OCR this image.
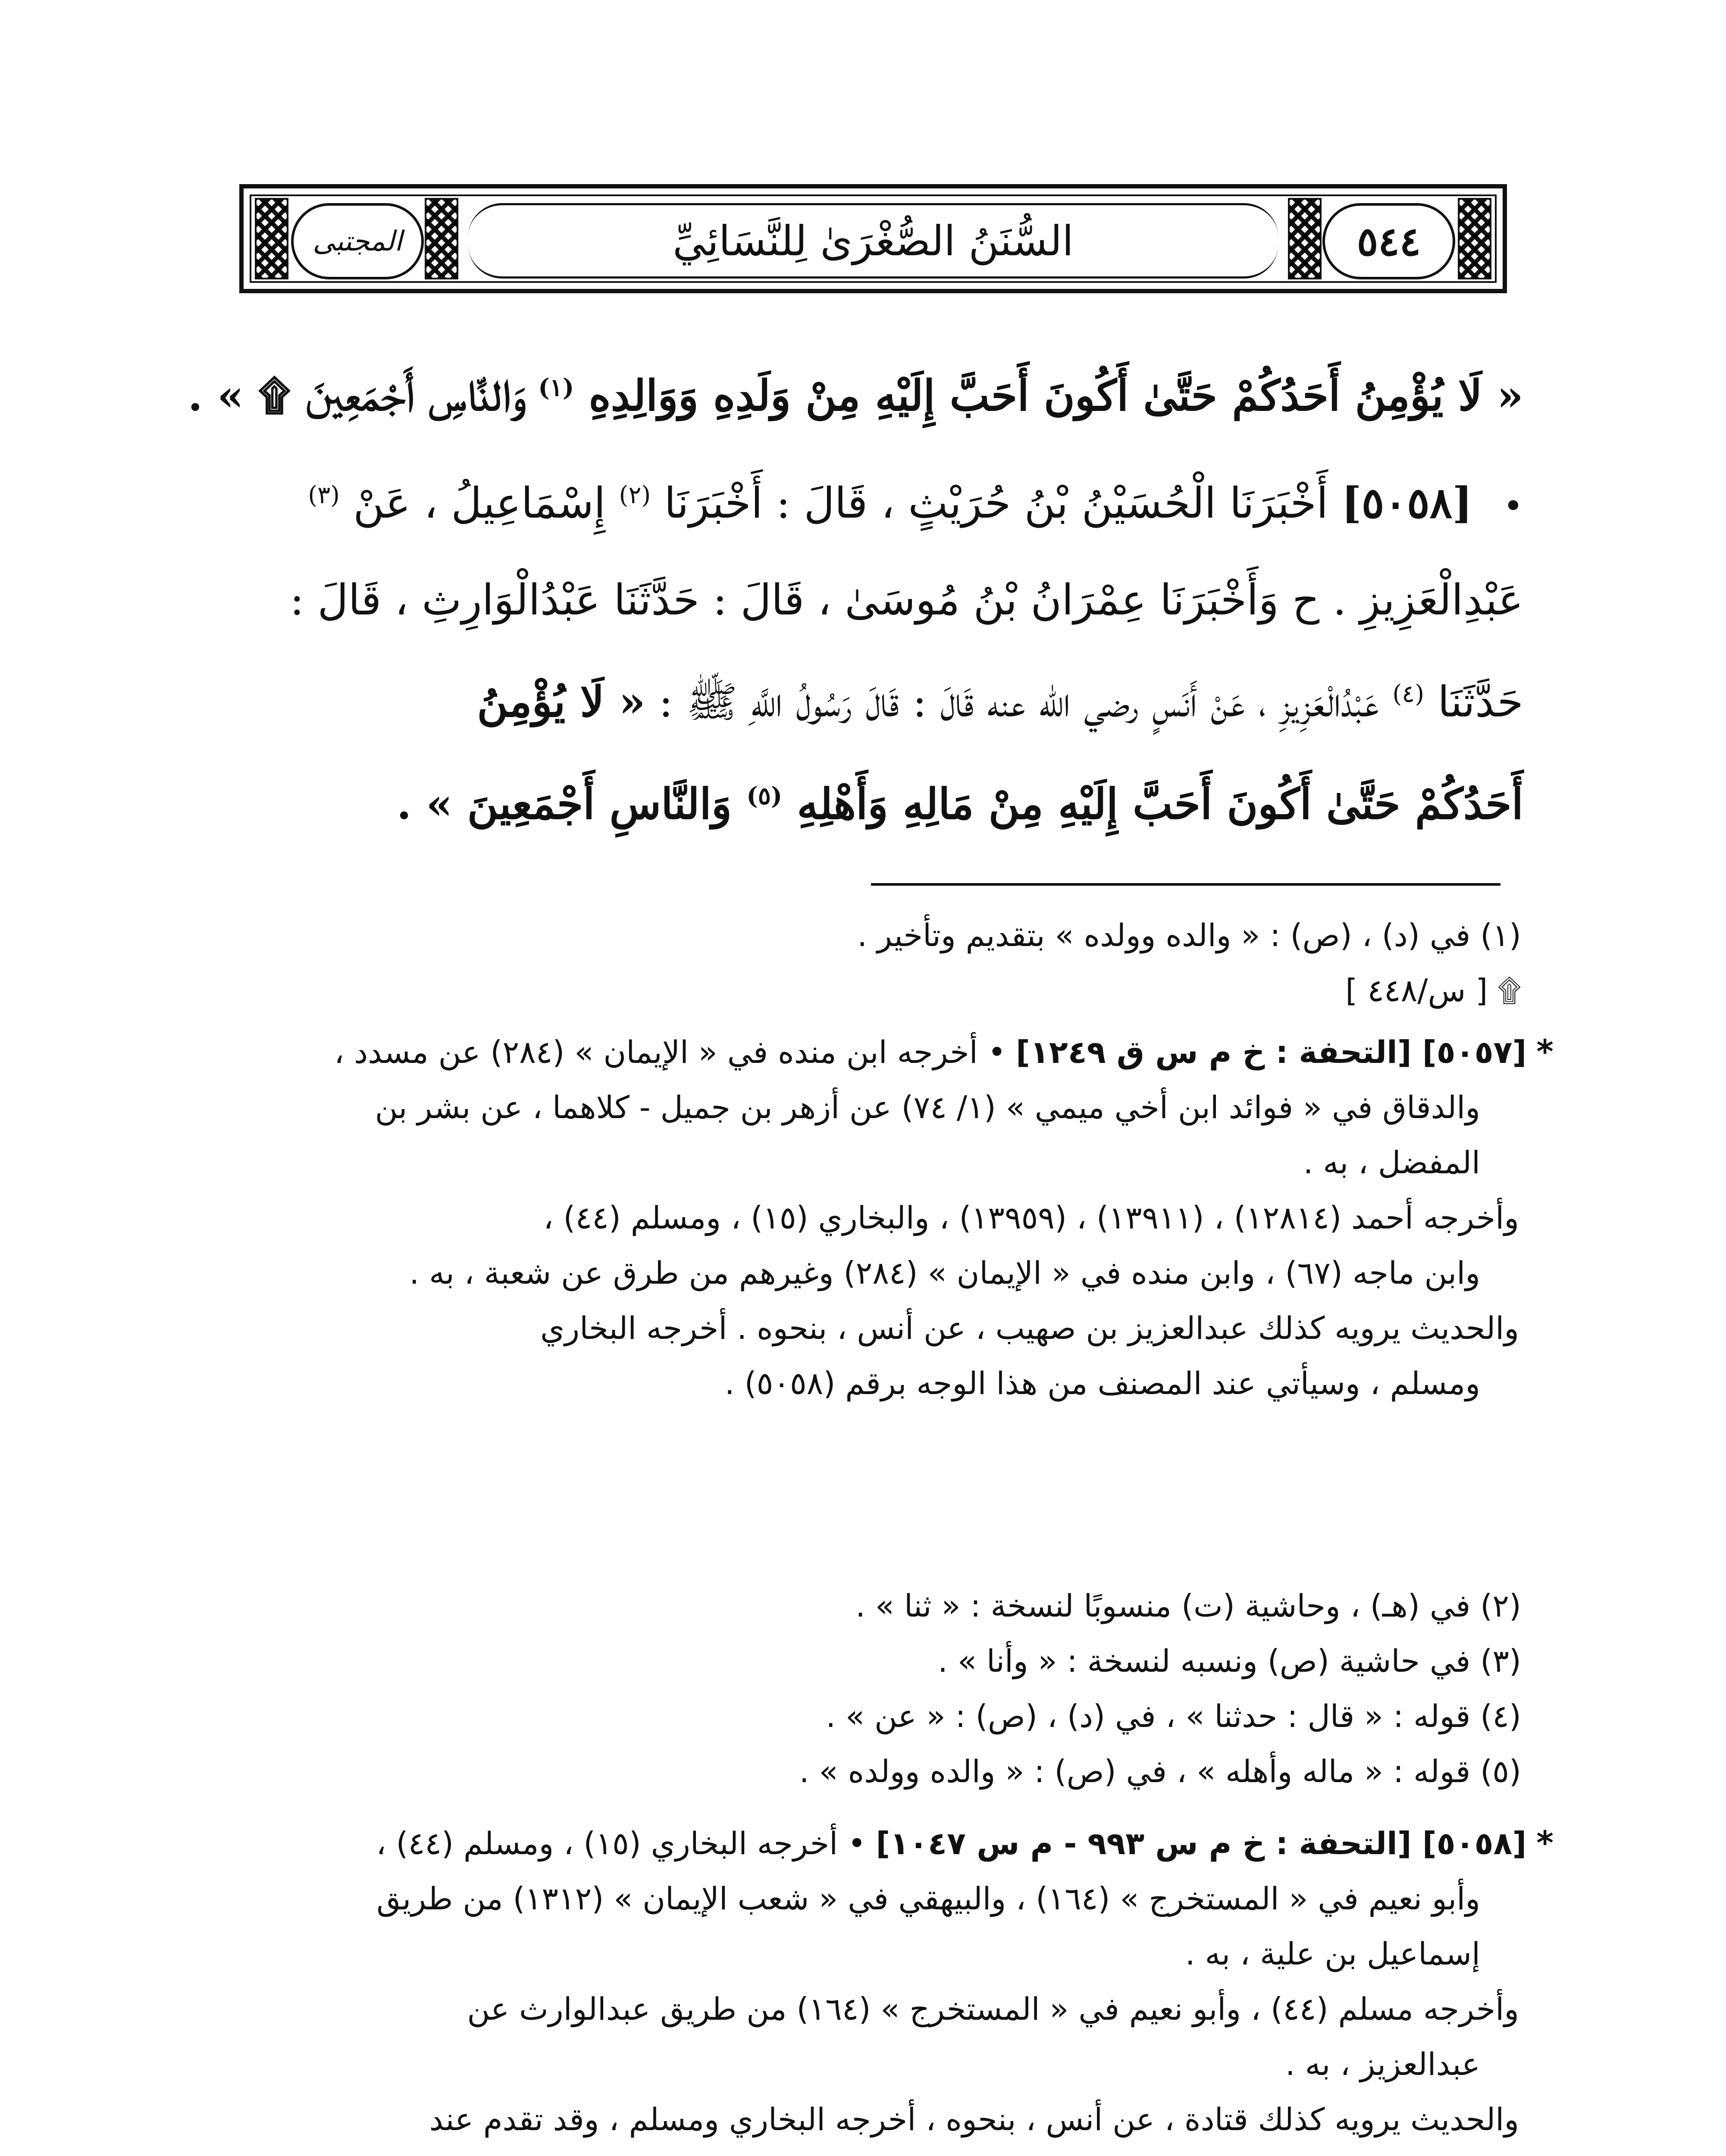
المجتبى	السُّنَنُ الصُّغْرَىٰ لِلنَّسَائِيِّ	٥٤٤
« لَا يُؤْمِنُ أَحَدُكُمْ حَتَّىٰ أَكُونَ أَحَبَّ إِلَيْهِ مِنْ وَلَدِهِ وَوَالِدِهِ $^{(١)}$ وَالنَّاسِ أَجْمَعِينَ ۩ » .
• [٥٠٥٨] أَخْبَرَنَا الْحُسَيْنُ بْنُ حُرَيْثٍ ، قَالَ : أَخْبَرَنَا $^{(٢)}$ إِسْمَاعِيلُ ، عَنْ $^{(٣)}$
عَبْدِالْعَزِيزِ . ح وَأَخْبَرَنَا عِمْرَانُ بْنُ مُوسَىٰ ، قَالَ : حَدَّثَنَا عَبْدُالْوَارِثِ ، قَالَ :
حَدَّثَنَا $^{(٤)}$ عَبْدُالْعَزِيزِ ، عَنْ أَنَسٍ رضي الله عنه قَالَ : قَالَ رَسُولُ اللَّهِ ﷺ : « لَا يُؤْمِنُ
أَحَدُكُمْ حَتَّىٰ أَكُونَ أَحَبَّ إِلَيْهِ مِنْ مَالِهِ وَأَهْلِهِ $^{(٥)}$ وَالنَّاسِ أَجْمَعِينَ » .
(١) في (د) ، (ص) : « والده وولده » بتقديم وتأخير .
۩ [ س/٤٤٨ ]
* [٥٠٥٧] [التحفة : خ م س ق ١٢٤٩] • أخرجه ابن منده في « الإيمان » (٢٨٤) عن مسدد ،
والدقاق في « فوائد ابن أخي ميمي » (١/ ٧٤) عن أزهر بن جميل - كلاهما ، عن بشر بن
المفضل ، به .
وأخرجه أحمد (١٢٨١٤) ، (١٣٩١١) ، (١٣٩٥٩) ، والبخاري (١٥) ، ومسلم (٤٤) ،
وابن ماجه (٦٧) ، وابن منده في « الإيمان » (٢٨٤) وغيرهم من طرق عن شعبة ، به .
والحديث يرويه كذلك عبدالعزيز بن صهيب ، عن أنس ، بنحوه . أخرجه البخاري
ومسلم ، وسيأتي عند المصنف من هذا الوجه برقم (٥٠٥٨) .
(٢) في (هـ) ، وحاشية (ت) منسوبًا لنسخة : « ثنا » .
(٣) في حاشية (ص) ونسبه لنسخة : « وأنا » .
(٤) قوله : « قال : حدثنا » ، في (د) ، (ص) : « عن » .
(٥) قوله : « ماله وأهله » ، في (ص) : « والده وولده » .
* [٥٠٥٨] [التحفة : خ م س ٩٩٣ - م س ١٠٤٧] • أخرجه البخاري (١٥) ، ومسلم (٤٤) ،
وأبو نعيم في « المستخرج » (١٦٤) ، والبيهقي في « شعب الإيمان » (١٣١٢) من طريق
إسماعيل بن علية ، به .
وأخرجه مسلم (٤٤) ، وأبو نعيم في « المستخرج » (١٦٤) من طريق عبدالوارث عن
عبدالعزيز ، به .
والحديث يرويه كذلك قتادة ، عن أنس ، بنحوه ، أخرجه البخاري ومسلم ، وقد تقدم عند
